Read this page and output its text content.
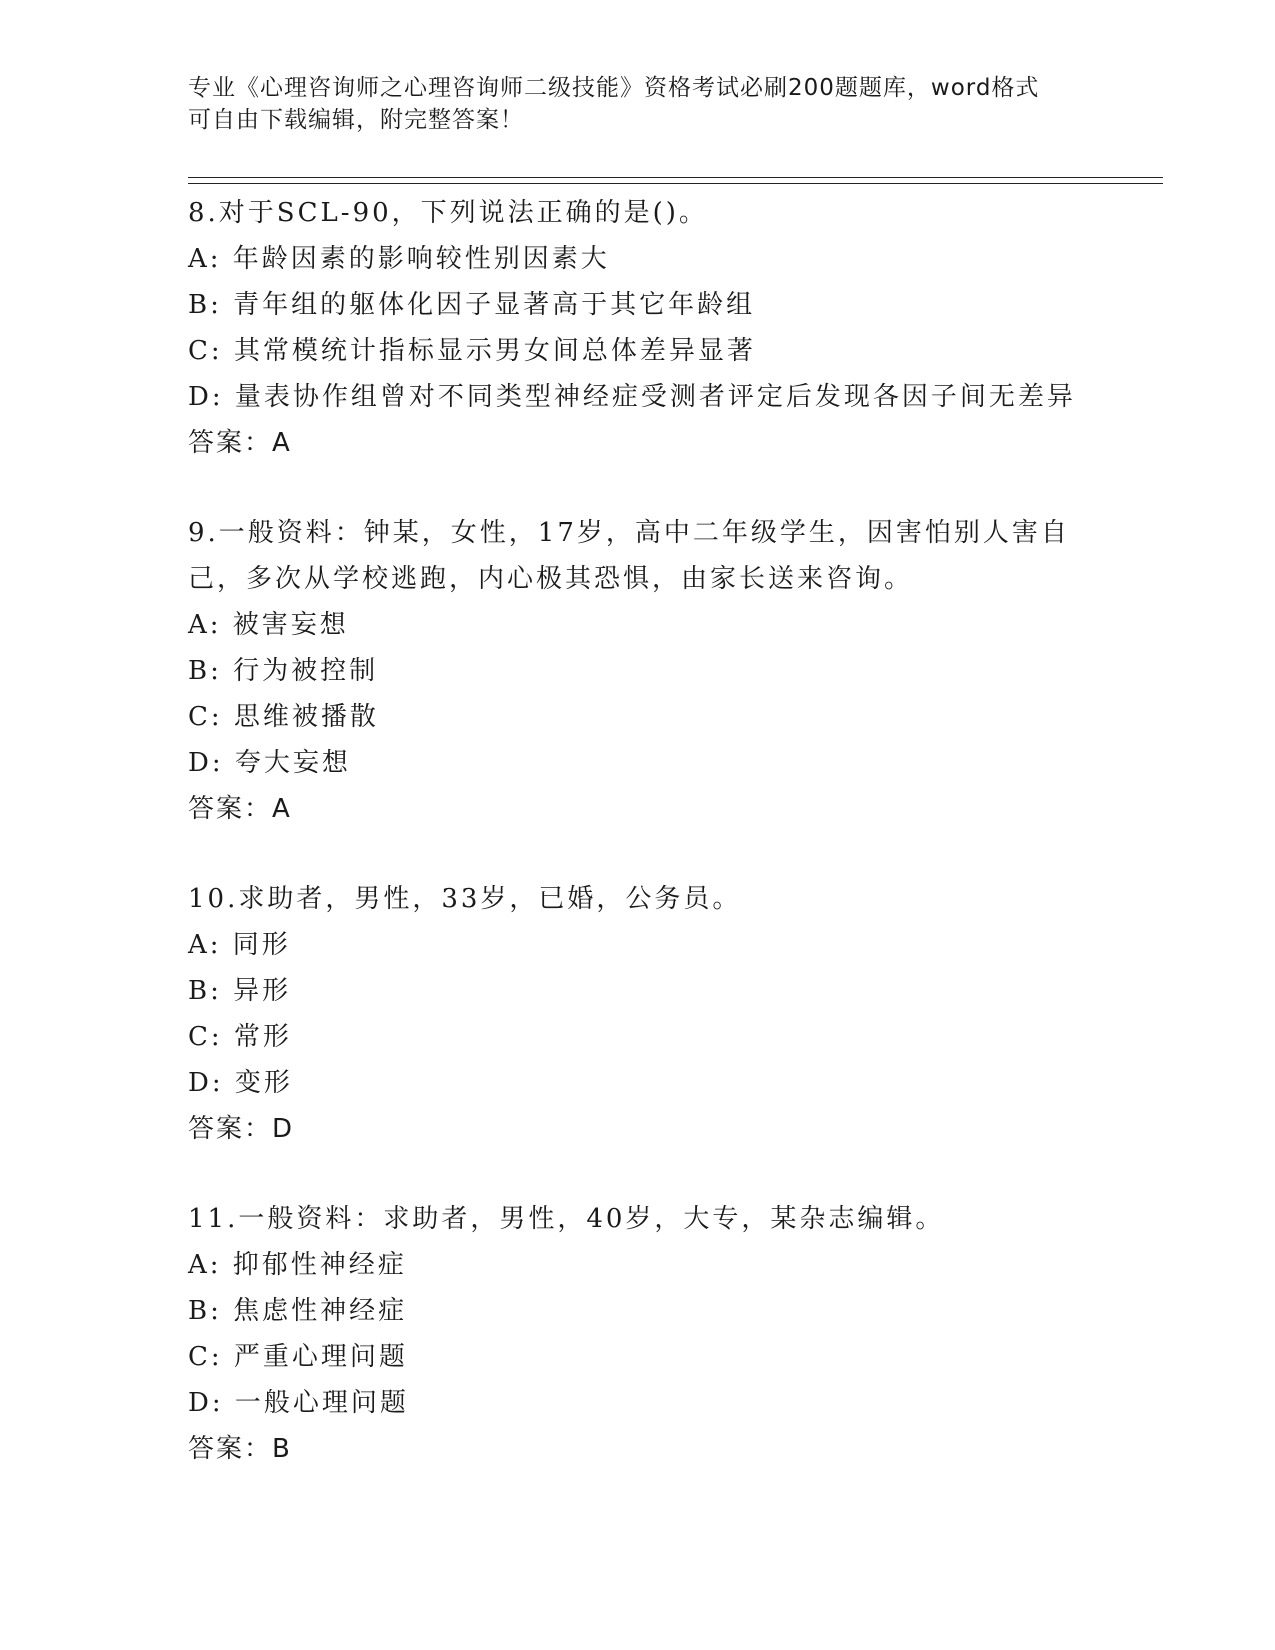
专业《心理咨询师之心理咨询师二级技能》资格考试必刷200题题库，word格式
可自由下载编辑，附完整答案！
8.对于SCL-90，下列说法正确的是()。
A: 年龄因素的影响较性别因素大
B: 青年组的躯体化因子显著高于其它年龄组
C: 其常模统计指标显示男女间总体差异显著
D: 量表协作组曾对不同类型神经症受测者评定后发现各因子间无差异
答案：A
9.一般资料：钟某，女性，17岁，高中二年级学生，因害怕别人害自己，多次从学校逃跑，内心极其恐惧，由家长送来咨询。
A: 被害妄想
B: 行为被控制
C: 思维被播散
D: 夸大妄想
答案：A
10.求助者，男性，33岁，已婚，公务员。
A: 同形
B: 异形
C: 常形
D: 变形
答案：D
11.一般资料：求助者，男性，40岁，大专，某杂志编辑。
A: 抑郁性神经症
B: 焦虑性神经症
C: 严重心理问题
D: 一般心理问题
答案：B
